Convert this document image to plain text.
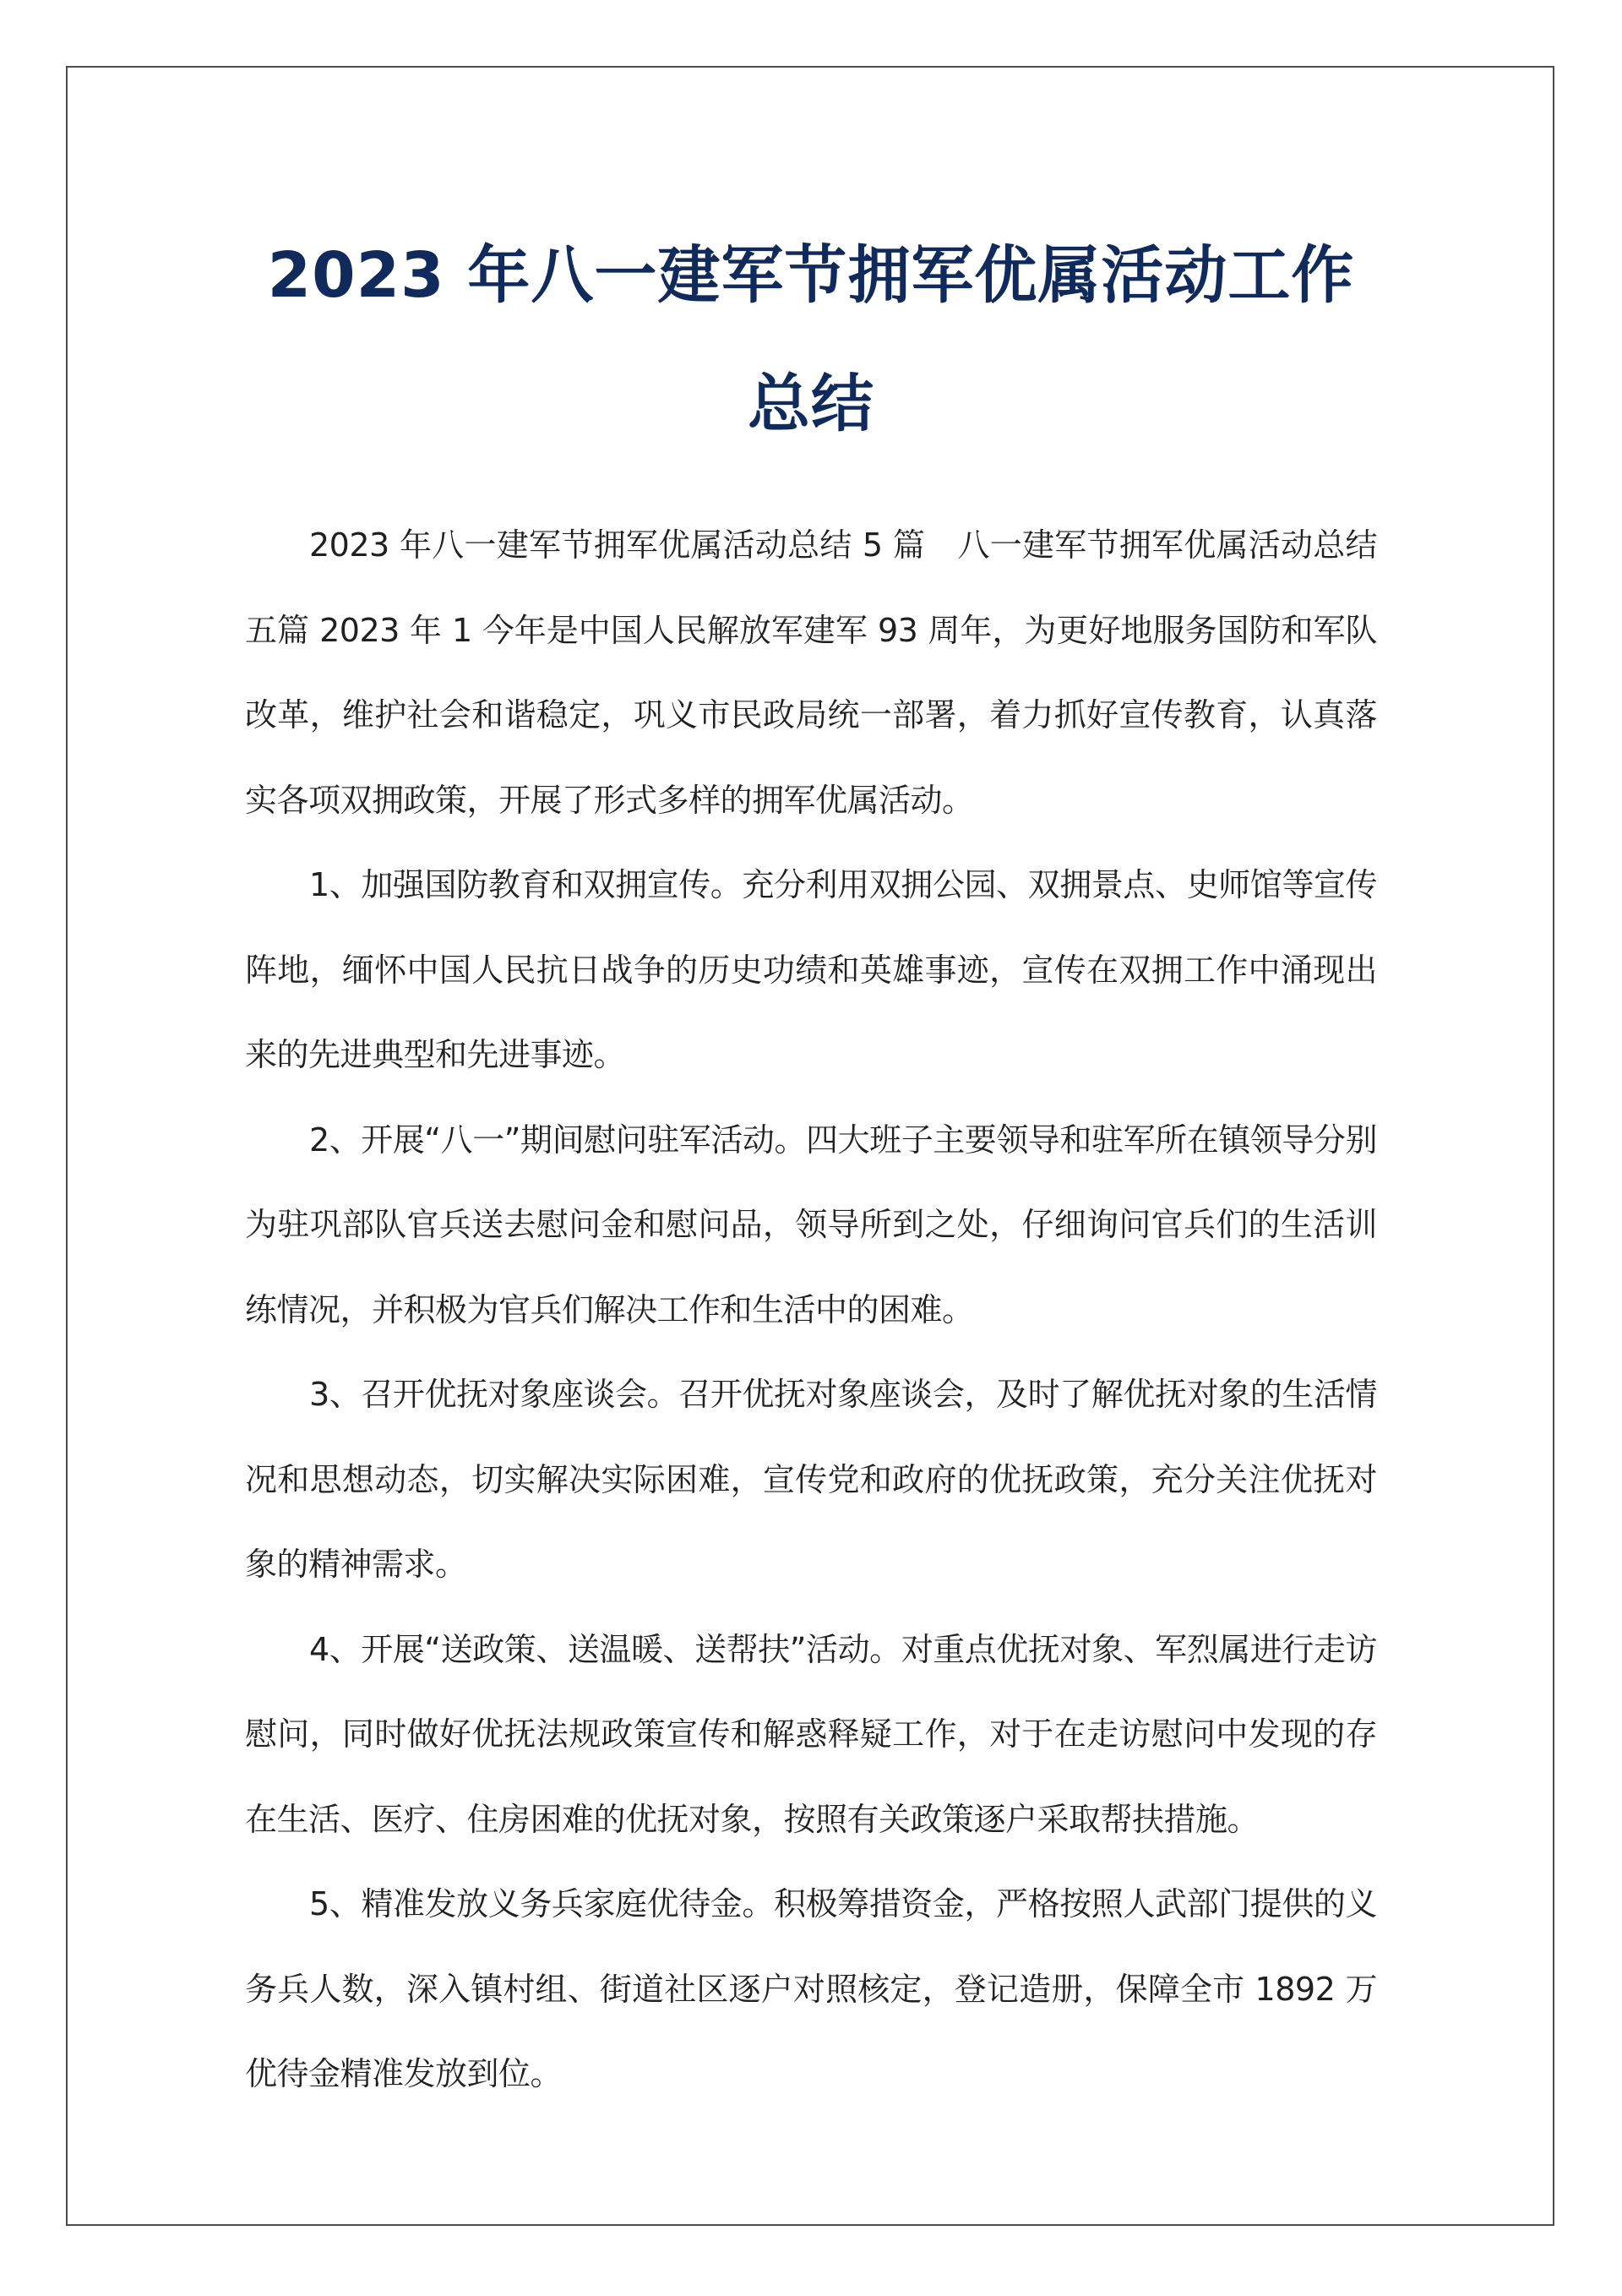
2023 年八一建军节拥军优属活动工作
总结

2023 年八一建军节拥军优属活动总结 5 篇　八一建军节拥军优属活动总结五篇 2023 年 1 今年是中国人民解放军建军 93 周年，为更好地服务国防和军队改革，维护社会和谐稳定，巩义市民政局统一部署，着力抓好宣传教育，认真落实各项双拥政策，开展了形式多样的拥军优属活动。

1、加强国防教育和双拥宣传。充分利用双拥公园、双拥景点、史师馆等宣传阵地，缅怀中国人民抗日战争的历史功绩和英雄事迹，宣传在双拥工作中涌现出来的先进典型和先进事迹。

2、开展“八一”期间慰问驻军活动。四大班子主要领导和驻军所在镇领导分别为驻巩部队官兵送去慰问金和慰问品，领导所到之处，仔细询问官兵们的生活训练情况，并积极为官兵们解决工作和生活中的困难。

3、召开优抚对象座谈会。召开优抚对象座谈会，及时了解优抚对象的生活情况和思想动态，切实解决实际困难，宣传党和政府的优抚政策，充分关注优抚对象的精神需求。

4、开展“送政策、送温暖、送帮扶”活动。对重点优抚对象、军烈属进行走访慰问，同时做好优抚法规政策宣传和解惑释疑工作，对于在走访慰问中发现的存在生活、医疗、住房困难的优抚对象，按照有关政策逐户采取帮扶措施。

5、精准发放义务兵家庭优待金。积极筹措资金，严格按照人武部门提供的义务兵人数，深入镇村组、街道社区逐户对照核定，登记造册，保障全市 1892 万优待金精准发放到位。
